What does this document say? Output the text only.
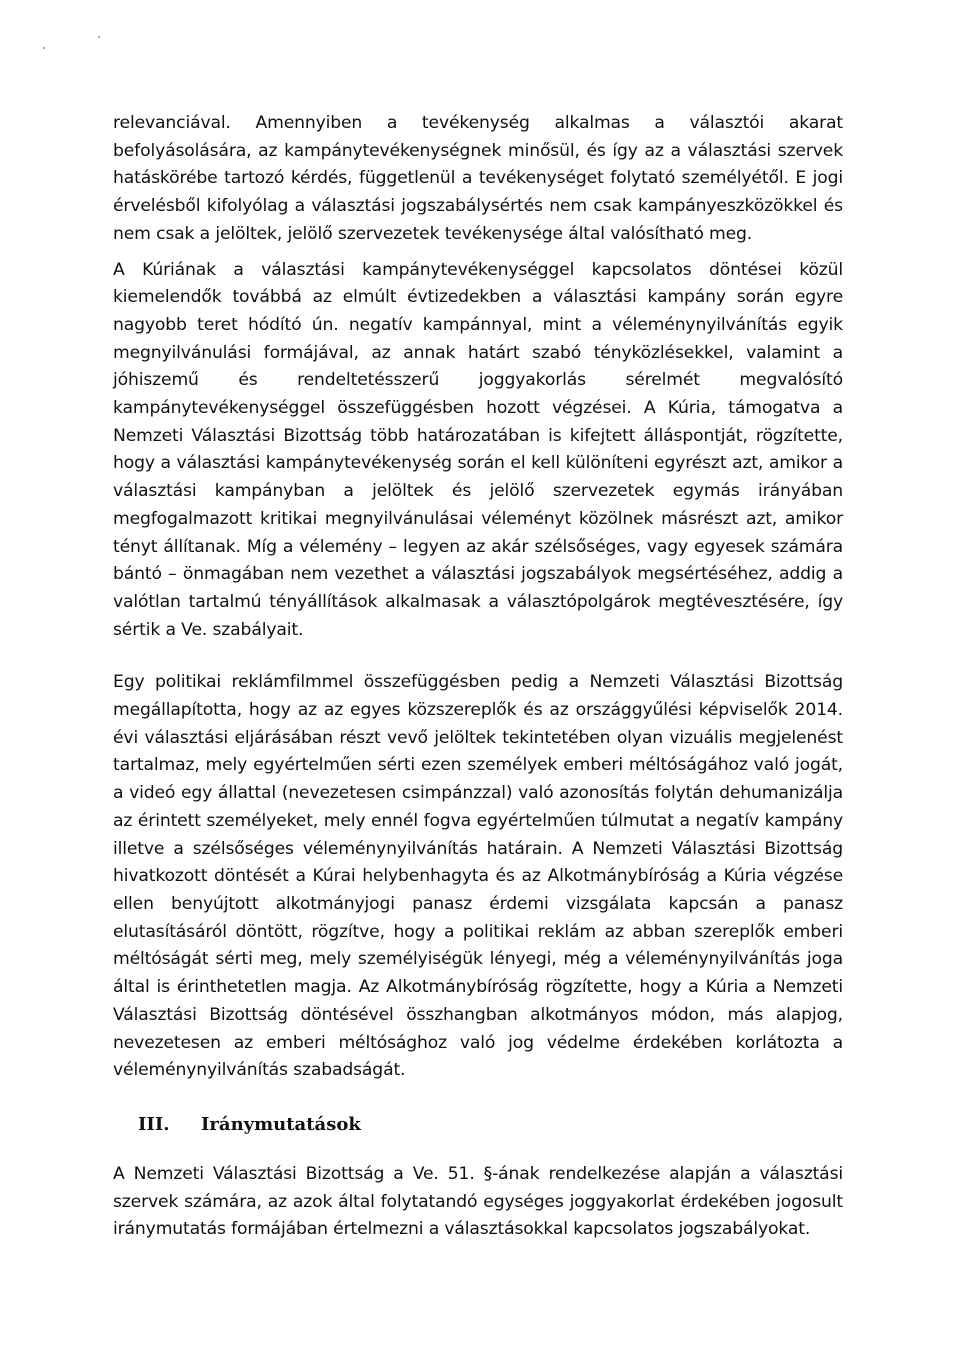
relevanciával. Amennyiben a tevékenység alkalmas a választói akarat befolyásolására, az kampánytevékenységnek minősül, és így az a választási szervek hatáskörébe tartozó kérdés, függetlenül a tevékenységet folytató személyétől. E jogi érvelésből kifolyólag a választási jogszabálysértés nem csak kampányeszközökkel és nem csak a jelöltek, jelölő szervezetek tevékenysége által valósítható meg.

A Kúriának a választási kampánytevékenységgel kapcsolatos döntései közül kiemelendők továbbá az elmúlt évtizedekben a választási kampány során egyre nagyobb teret hódító ún. negatív kampánnyal, mint a véleménynyilvánítás egyik megnyilvánulási formájával, az annak határt szabó tényközlésekkel, valamint a jóhiszemű és rendeltetésszerű joggyakorlás sérelmét megvalósító kampánytevékenységgel összefüggésben hozott végzései. A Kúria, támogatva a Nemzeti Választási Bizottság több határozatában is kifejtett álláspontját, rögzítette, hogy a választási kampánytevékenység során el kell különíteni egyrészt azt, amikor a választási kampányban a jelöltek és jelölő szervezetek egymás irányában megfogalmazott kritikai megnyilvánulásai véleményt közölnek másrészt azt, amikor tényt állítanak. Míg a vélemény – legyen az akár szélsőséges, vagy egyesek számára bántó – önmagában nem vezethet a választási jogszabályok megsértéséhez, addig a valótlan tartalmú tényállítások alkalmasak a választópolgárok megtévesztésére, így sértik a Ve. szabályait.

Egy politikai reklámfilmmel összefüggésben pedig a Nemzeti Választási Bizottság megállapította, hogy az az egyes közszereplők és az országgyűlési képviselők 2014. évi választási eljárásában részt vevő jelöltek tekintetében olyan vizuális megjelenést tartalmaz, mely egyértelműen sérti ezen személyek emberi méltóságához való jogát, a videó egy állattal (nevezetesen csimpánzzal) való azonosítás folytán dehumanizálja az érintett személyeket, mely ennél fogva egyértelműen túlmutat a negatív kampány illetve a szélsőséges véleménynyilvánítás határain. A Nemzeti Választási Bizottság hivatkozott döntését a Kúrai helybenhagyta és az Alkotmánybíróság a Kúria végzése ellen benyújtott alkotmányjogi panasz érdemi vizsgálata kapcsán a panasz elutasításáról döntött, rögzítve, hogy a politikai reklám az abban szereplők emberi méltóságát sérti meg, mely személyiségük lényegi, még a véleménynyilvánítás joga által is érinthetetlen magja. Az Alkotmánybíróság rögzítette, hogy a Kúria a Nemzeti Választási Bizottság döntésével összhangban alkotmányos módon, más alapjog, nevezetesen az emberi méltósághoz való jog védelme érdekében korlátozta a véleménynyilvánítás szabadságát.

III. Iránymutatások

A Nemzeti Választási Bizottság a Ve. 51. §-ának rendelkezése alapján a választási szervek számára, az azok által folytatandó egységes joggyakorlat érdekében jogosult iránymutatás formájában értelmezni a választásokkal kapcsolatos jogszabályokat.
